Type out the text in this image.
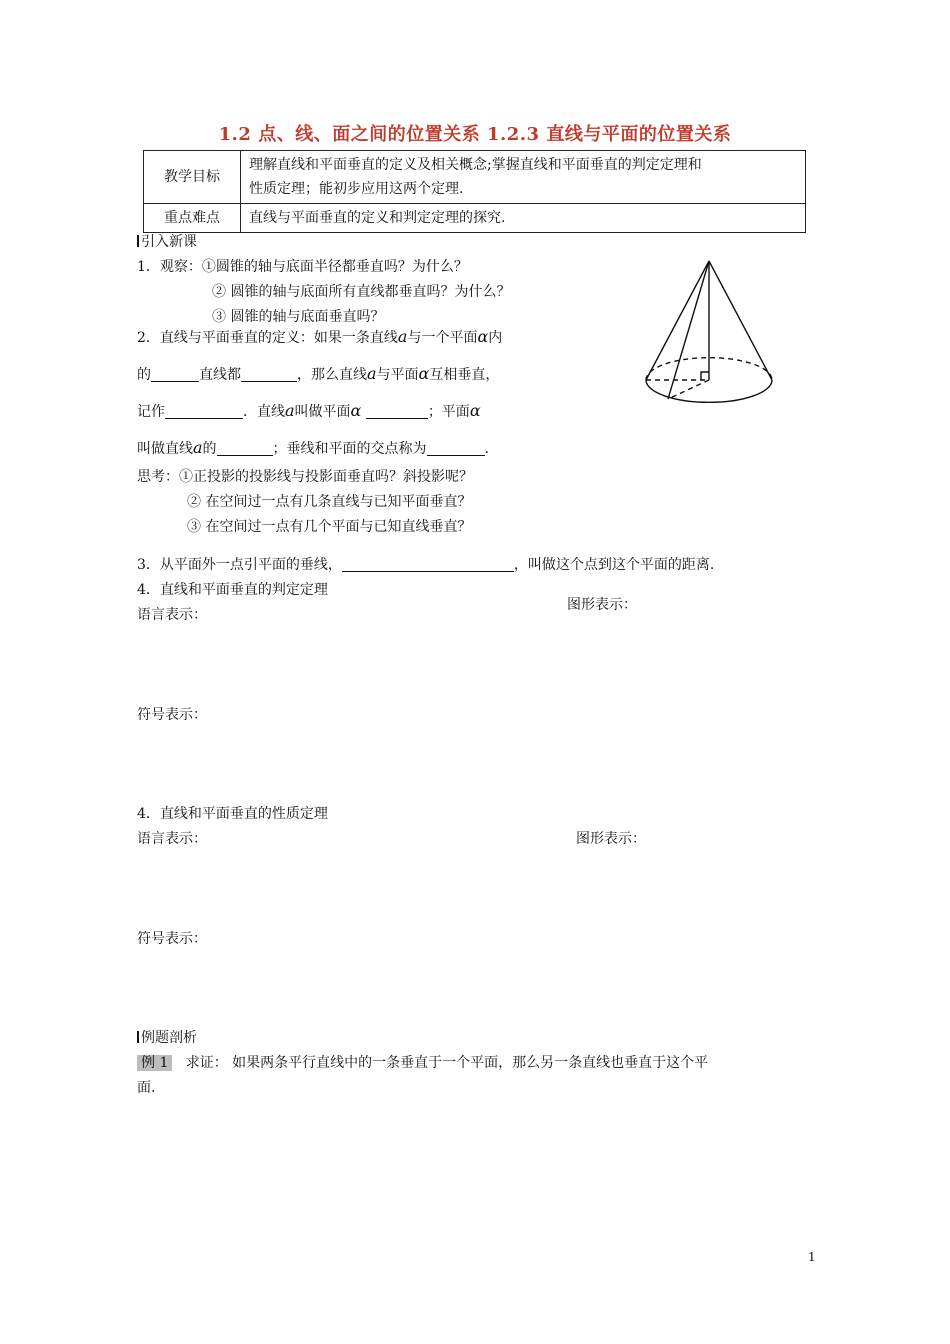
1.2 点、线、面之间的位置关系 1.2.3 直线与平面的位置关系
教学目标	理解直线和平面垂直的定义及相关概念;掌握直线和平面垂直的判定定理和
性质定理；能初步应用这两个定理.

重点难点	直线与平面垂直的定义和判定定理的探究.
引入新课
1．观察：①圆锥的轴与底面半径都垂直吗？为什么？
② 圆锥的轴与底面所有直线都垂直吗？为什么？
③ 圆锥的轴与底面垂直吗？
2．直线与平面垂直的定义：如果一条直线a与一个平面α内
的	直线都	，那么直线a与平面α互相垂直，
记作	．直线a叫做平面α	；平面α
叫做直线a的	；垂线和平面的交点称为	.
思考：①正投影的投影线与投影面垂直吗？斜投影呢？
② 在空间过一点有几条直线与已知平面垂直？
③ 在空间过一点有几个平面与已知直线垂直？
3．从平面外一点引平面的垂线，	，叫做这个点到这个平面的距离.
4．直线和平面垂直的判定定理
语言表示：
图形表示：
符号表示：
4．直线和平面垂直的性质定理
语言表示：	图形表示：
符号表示：
例题剖析
例 1 求证： 如果两条平行直线中的一条垂直于一个平面，那么另一条直线也垂直于这个平
面.
1
